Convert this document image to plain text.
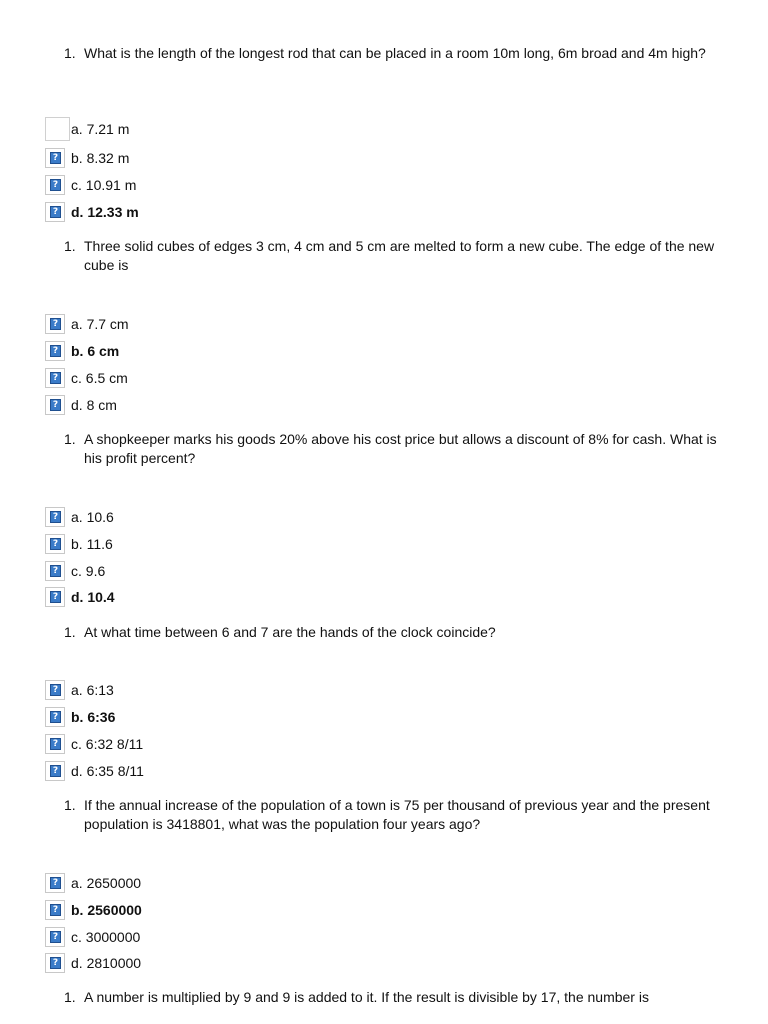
1. What is the length of the longest rod that can be placed in a room 10m long, 6m broad and 4m high?
a. 7.21 m
? b. 8.32 m
? c. 10.91 m
? d. 12.33 m
1. Three solid cubes of edges 3 cm, 4 cm and 5 cm are melted to form a new cube. The edge of the new cube is
? a. 7.7 cm
? b. 6 cm
? c. 6.5 cm
? d. 8 cm
1. A shopkeeper marks his goods 20% above his cost price but allows a discount of 8% for cash. What is his profit percent?
? a. 10.6
? b. 11.6
? c. 9.6
? d. 10.4
1. At what time between 6 and 7 are the hands of the clock coincide?
? a. 6:13
? b. 6:36
? c. 6:32 8/11
? d. 6:35 8/11
1. If the annual increase of the population of a town is 75 per thousand of previous year and the present population is 3418801, what was the population four years ago?
? a. 2650000
? b. 2560000
? c. 3000000
? d. 2810000
1. A number is multiplied by 9 and 9 is added to it. If the result is divisible by 17, the number is
